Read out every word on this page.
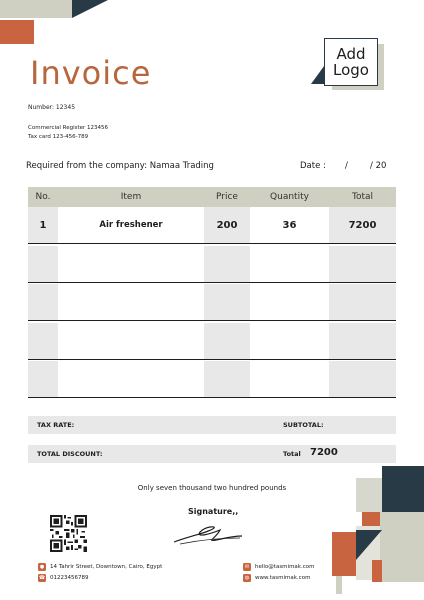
Invoice	Add
Logo
Number: 12345
Commercial Register 123456
Tax card 123-456-789
Required from the company: Namaa Trading	Date : /	/ 20
No.	Item	Price	Quantity	Total
1	Air freshener	200	36	7200
TAX RATE:	SUBTOTAL:
TOTAL DISCOUNT:	Total 7200
Only seven thousand two hundred pounds
Signature,,
●	14 Tahrir Street, Downtown, Cairo, Egypt
☎ 01223456789
✉	hello@tasmimak.com
◍	www.tasmimak.com
